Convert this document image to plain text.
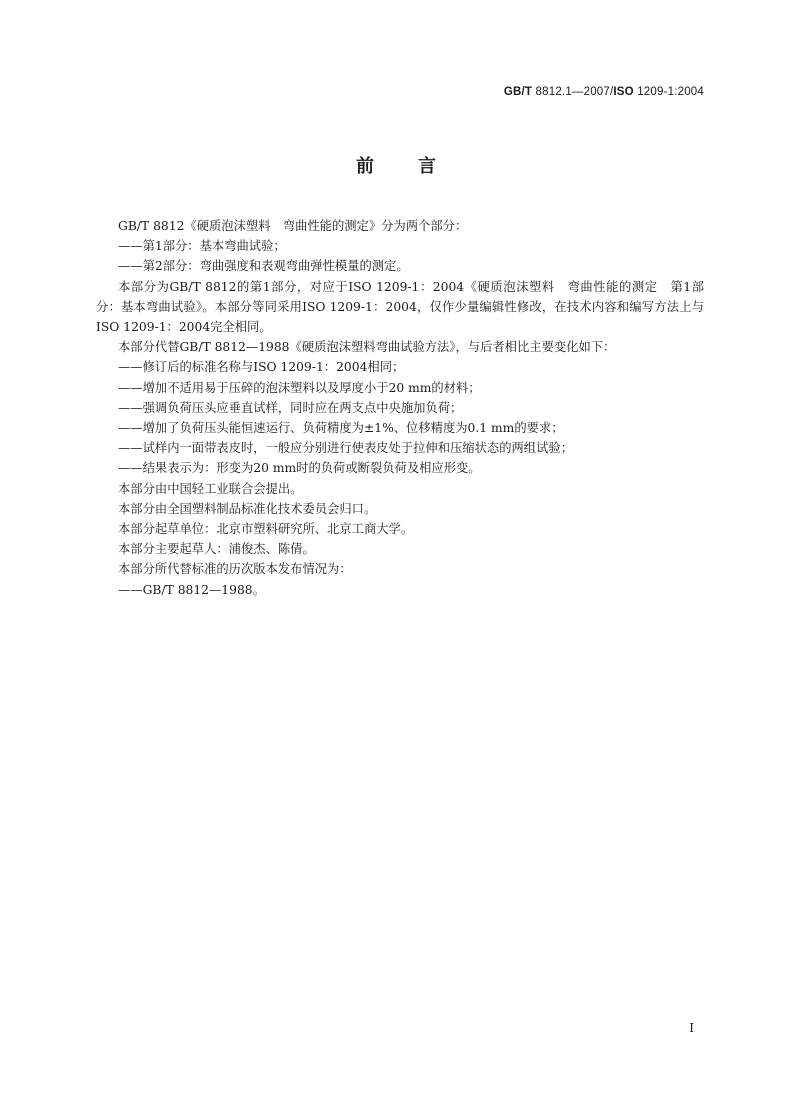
GB/T 8812.1—2007/ISO 1209-1:2004
前言

GB/T 8812《硬质泡沫塑料　弯曲性能的测定》分为两个部分：

——第1部分：基本弯曲试验；

——第2部分：弯曲强度和表观弯曲弹性模量的测定。

本部分为GB/T 8812的第1部分，对应于ISO 1209-1：2004《硬质泡沫塑料　弯曲性能的测定　第1部分：基本弯曲试验》。本部分等同采用ISO 1209-1：2004，仅作少量编辑性修改，在技术内容和编写方法上与ISO 1209-1：2004完全相同。

本部分代替GB/T 8812—1988《硬质泡沫塑料弯曲试验方法》，与后者相比主要变化如下：

——修订后的标准名称与ISO 1209-1：2004相同；

——增加不适用易于压碎的泡沫塑料以及厚度小于20 mm的材料；

——强调负荷压头应垂直试样，同时应在两支点中央施加负荷；

——增加了负荷压头能恒速运行、负荷精度为±1%、位移精度为0.1 mm的要求；

——试样内一面带表皮时，一般应分别进行使表皮处于拉伸和压缩状态的两组试验；

——结果表示为：形变为20 mm时的负荷或断裂负荷及相应形变。

本部分由中国轻工业联合会提出。

本部分由全国塑料制品标准化技术委员会归口。

本部分起草单位：北京市塑料研究所、北京工商大学。

本部分主要起草人：浦俊杰、陈倩。

本部分所代替标准的历次版本发布情况为：

——GB/T 8812—1988。

I
